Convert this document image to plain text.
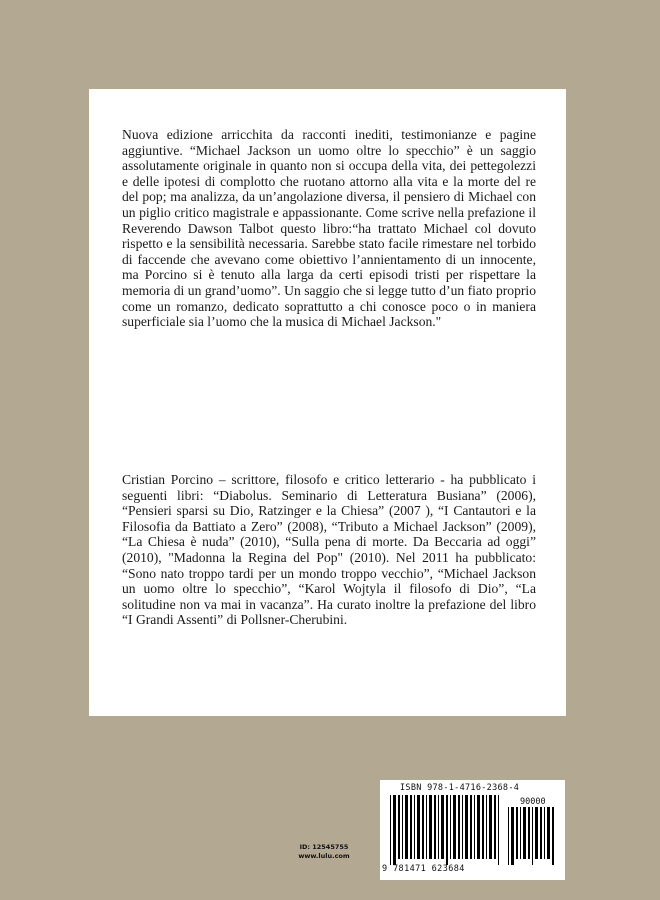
Nuova edizione arricchita da racconti inediti, testimonianze e pagine aggiuntive. “Michael Jackson un uomo oltre lo specchio” è un saggio assolutamente originale in quanto non si occupa della vita, dei pettegolezzi e delle ipotesi di complotto che ruotano attorno alla vita e la morte del re del pop; ma analizza, da un’angolazione diversa, il pensiero di Michael con un piglio critico magistrale e appassionante. Come scrive nella prefazione il Reverendo Dawson Talbot questo libro:“ha trattato Michael col dovuto rispetto e la sensibilità necessaria. Sarebbe stato facile rimestare nel torbido di faccende che avevano come obiettivo l’annientamento di un innocente, ma Porcino si è tenuto alla larga da certi episodi tristi per rispettare la memoria di un grand’uomo”. Un saggio che si legge tutto d’un fiato proprio come un romanzo, dedicato soprattutto a chi conosce poco o in maniera superficiale sia l’uomo che la musica di Michael Jackson."

Cristian Porcino – scrittore, filosofo e critico letterario - ha pubblicato i seguenti libri: “Diabolus. Seminario di Letteratura Busiana” (2006), “Pensieri sparsi su Dio, Ratzinger e la Chiesa” (2007 ), “I Cantautori e la Filosofia da Battiato a Zero” (2008), “Tributo a Michael Jackson” (2009), “La Chiesa è nuda” (2010), “Sulla pena di morte. Da Beccaria ad oggi” (2010), "Madonna la Regina del Pop" (2010). Nel 2011 ha pubblicato: “Sono nato troppo tardi per un mondo troppo vecchio”, “Michael Jackson un uomo oltre lo specchio”, “Karol Wojtyla il filosofo di Dio”, “La solitudine non va mai in vacanza”. Ha curato inoltre la prefazione del libro “I Grandi Assenti” di Pollsner-Cherubini.

ID: 12545755
www.lulu.com
ISBN 978-1-4716-2368-4
90000
9 781471 623684
